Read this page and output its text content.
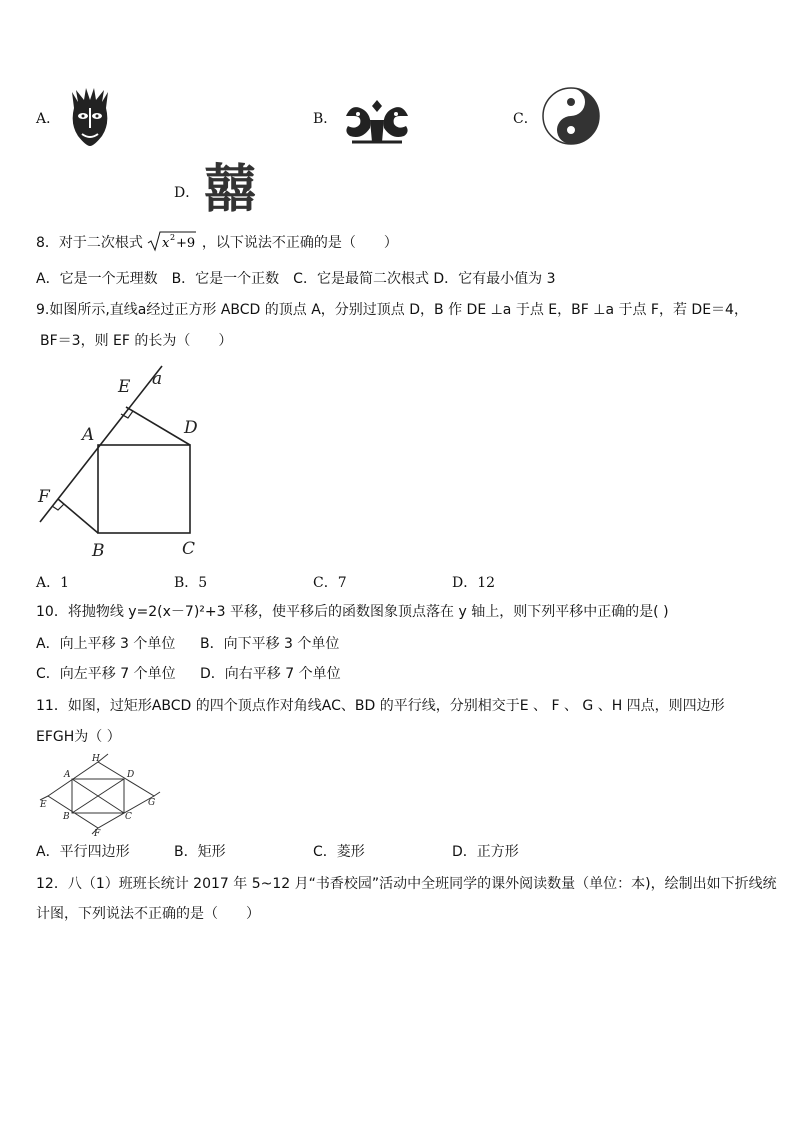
A．	B．	C．
D． 囍
8．对于二次根式 x 2 +9 ，以下说法不正确的是（　　）
A．它是一个无理数　B．它是一个正数　C．它是最简二次根式 D．它有最小值为 3
9.如图所示,直线a经过正方形 ABCD 的顶点 A，分别过顶点 D，B 作 DE ⊥a 于点 E，BF ⊥a 于点 F，若 DE＝4，
BF＝3，则 EF 的长为（　　）
E a
A	D
F
B	C
A．1	B．5	C．7	D．12
10．将抛物线 y=2(x－7)²+3 平移，使平移后的函数图象顶点落在 y 轴上，则下列平移中正确的是( )
A．向上平移 3 个单位 B．向下平移 3 个单位
C．向左平移 7 个单位 D．向右平移 7 个单位
11．如图，过矩形ABCD 的四个顶点作对角线AC、BD 的平行线，分别相交于E 、 F 、 G 、H 四点，则四边形
EFGH为（ ）
H
A	D
E	G
B	C
F
A．平行四边形	B．矩形	C．菱形	D．正方形
12．八（1）班班长统计 2017 年 5~12 月“书香校园”活动中全班同学的课外阅读数量（单位：本)，绘制出如下折线统
计图，下列说法不正确的是（　　）
